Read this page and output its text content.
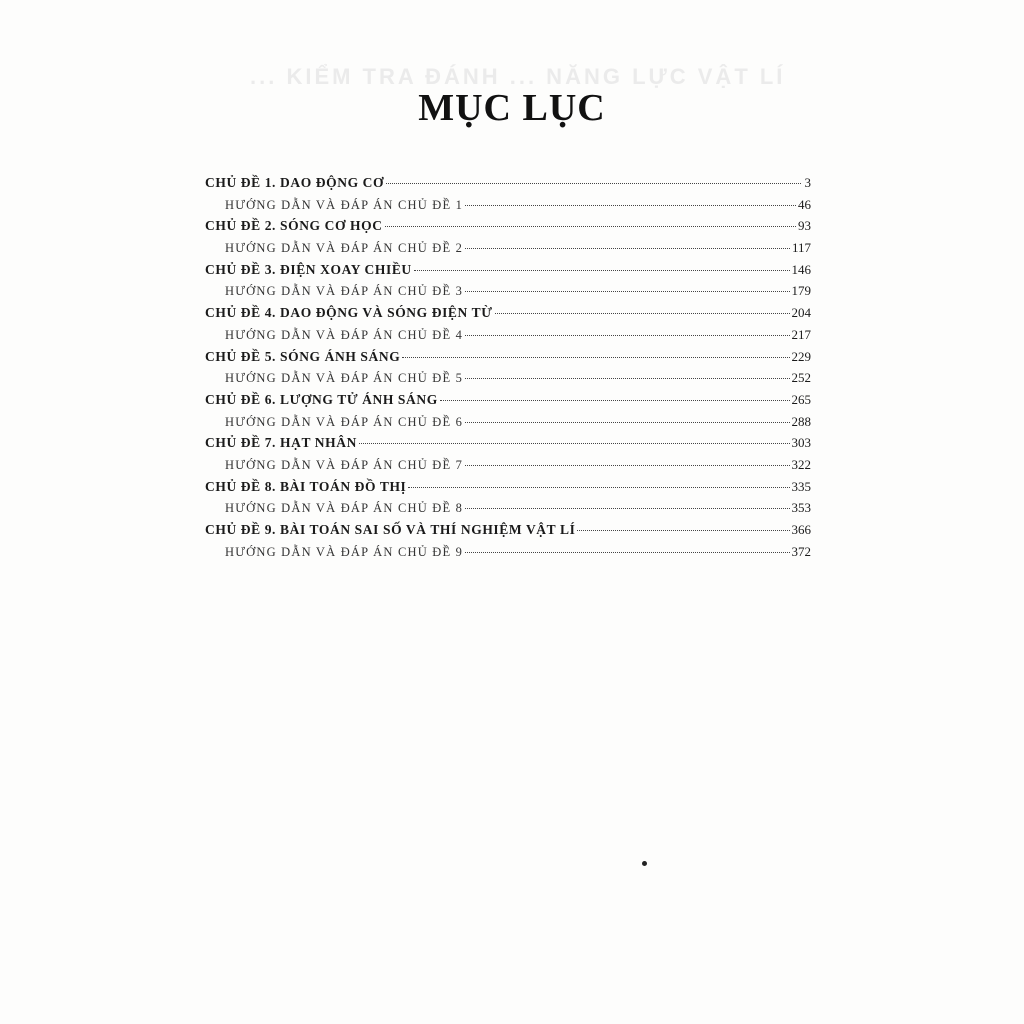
... KIỂM TRA ĐÁNH ... NĂNG LỰC VẬT LÍ
MỤC LỤC
CHỦ ĐỀ 1. DAO ĐỘNG CƠ	3
HƯỚNG DẪN VÀ ĐÁP ÁN CHỦ ĐỀ 1	46
CHỦ ĐỀ 2. SÓNG CƠ HỌC	93
HƯỚNG DẪN VÀ ĐÁP ÁN CHỦ ĐỀ 2	117
CHỦ ĐỀ 3. ĐIỆN XOAY CHIỀU	146
HƯỚNG DẪN VÀ ĐÁP ÁN CHỦ ĐỀ 3	179
CHỦ ĐỀ 4. DAO ĐỘNG VÀ SÓNG ĐIỆN TỪ	204
HƯỚNG DẪN VÀ ĐÁP ÁN CHỦ ĐỀ 4	217
CHỦ ĐỀ 5. SÓNG ÁNH SÁNG	229
HƯỚNG DẪN VÀ ĐÁP ÁN CHỦ ĐỀ 5	252
CHỦ ĐỀ 6. LƯỢNG TỬ ÁNH SÁNG	265
HƯỚNG DẪN VÀ ĐÁP ÁN CHỦ ĐỀ 6	288
CHỦ ĐỀ 7. HẠT NHÂN	303
HƯỚNG DẪN VÀ ĐÁP ÁN CHỦ ĐỀ 7	322
CHỦ ĐỀ 8. BÀI TOÁN ĐỒ THỊ	335
HƯỚNG DẪN VÀ ĐÁP ÁN CHỦ ĐỀ 8	353
CHỦ ĐỀ 9. BÀI TOÁN SAI SỐ VÀ THÍ NGHIỆM VẬT LÍ	366
HƯỚNG DẪN VÀ ĐÁP ÁN CHỦ ĐỀ 9	372
